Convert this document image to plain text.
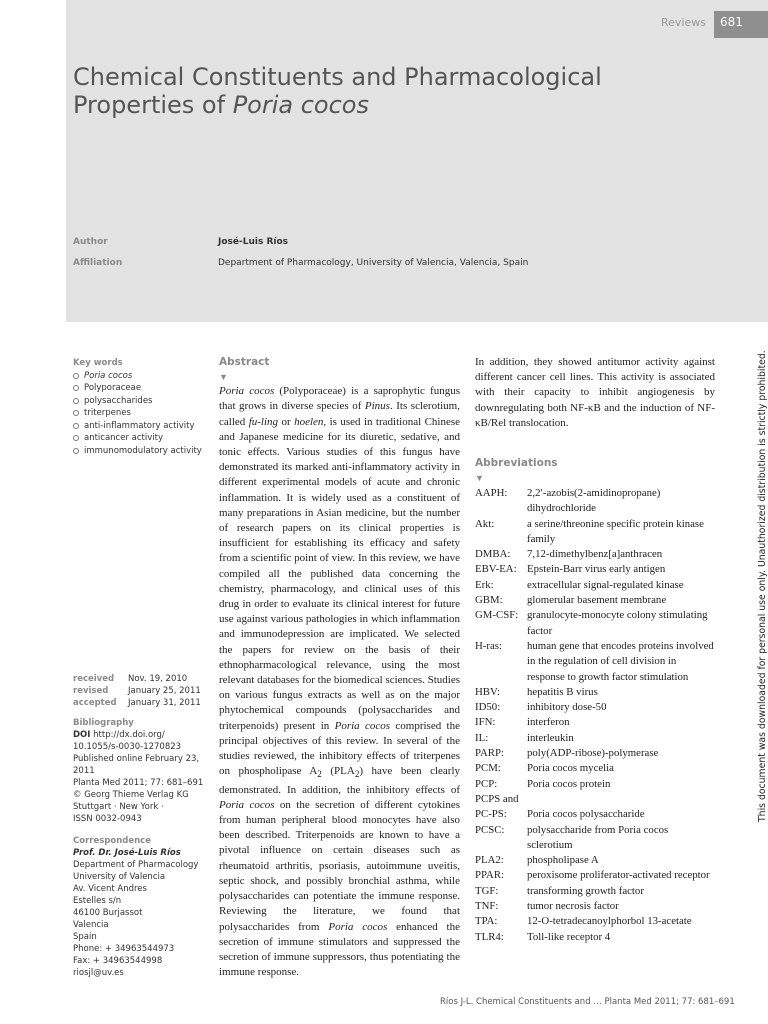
Reviews 681
Chemical Constituents and Pharmacological Properties of Poria cocos
Author	José-Luis Ríos
Affiliation	Department of Pharmacology, University of Valencia, Valencia, Spain
Key words
Poria cocos
Polyporaceae
polysaccharides
triterpenes
anti-inflammatory activity
anticancer activity
immunomodulatory activity
received	Nov. 19, 2010
revised	January 25, 2011
accepted	January 31, 2011
Bibliography
DOI http://dx.doi.org/
10.1055/s-0030-1270823
Published online February 23,
2011
Planta Med 2011; 77: 681–691
© Georg Thieme Verlag KG
Stuttgart · New York ·
ISSN 0032-0943
Correspondence
Prof. Dr. José-Luis Ríos
Department of Pharmacology
University of Valencia
Av. Vicent Andres
Estelles s/n
46100 Burjassot
Valencia
Spain
Phone: + 34963544973
Fax: + 34963544998
riosjl@uv.es
Abstract
▼

Poria cocos (Polyporaceae) is a saprophytic fungus that grows in diverse species of Pinus. Its sclerotium, called fu-ling or hoelen, is used in traditional Chinese and Japanese medicine for its diuretic, sedative, and tonic effects. Various studies of this fungus have demonstrated its marked anti-inflammatory activity in different experimental models of acute and chronic inflammation. It is widely used as a constituent of many preparations in Asian medicine, but the number of research papers on its clinical properties is insufficient for establishing its efficacy and safety from a scientific point of view. In this review, we have compiled all the published data concerning the chemistry, pharmacology, and clinical uses of this drug in order to evaluate its clinical interest for future use against various pathologies in which inflammation and immunodepression are implicated. We selected the papers for review on the basis of their ethnopharmacological relevance, using the most relevant databases for the biomedical sciences. Studies on various fungus extracts as well as on the major phytochemical compounds (polysaccharides and triterpenoids) present in Poria cocos comprised the principal objectives of this review. In several of the studies reviewed, the inhibitory effects of triterpenes on phospholipase $A_2$ $(PLA_2)$ have been clearly demonstrated. In addition, the inhibitory effects of Poria cocos on the secretion of different cytokines from human peripheral blood monocytes have also been described. Triterpenoids are known to have a pivotal influence on certain diseases such as rheumatoid arthritis, psoriasis, autoimmune uveitis, septic shock, and possibly bronchial asthma, while polysaccharides can potentiate the immune response. Reviewing the literature, we found that polysaccharides from Poria cocos enhanced the secretion of immune stimulators and suppressed the secretion of immune suppressors, thus potentiating the immune response.

In addition, they showed antitumor activity against different cancer cell lines. This activity is associated with their capacity to inhibit angiogenesis by downregulating both NF-κB and the induction of NF-κB/Rel translocation.

Abbreviations
▼
AAPH:	2,2′-azobis(2-amidinopropane) dihydrochloride
Akt:	a serine/threonine specific protein kinase family
DMBA:	7,12-dimethylbenz[a]anthracen
EBV-EA: Epstein-Barr virus early antigen
Erk:	extracellular signal-regulated kinase
GBM:	glomerular basement membrane
GM-CSF: granulocyte-monocyte colony stimulating factor
H-ras:	human gene that encodes proteins involved in the regulation of cell division in response to growth factor stimulation
HBV:	hepatitis B virus
ID50:	inhibitory dose-50
IFN:	interferon
IL:	interleukin
PARP:	poly(ADP-ribose)-polymerase
PCM:	Poria cocos mycelia
PCP:	Poria cocos protein
PCPS and
PC-PS:	Poria cocos polysaccharide
PCSC:	polysaccharide from Poria cocos sclerotium
PLA2:	phospholipase A
PPAR:	peroxisome proliferator-activated receptor
TGF:	transforming growth factor
TNF:	tumor necrosis factor
TPA:	12-O-tetradecanoylphorbol 13-acetate
TLR4:	Toll-like receptor 4
This document was downloaded for personal use only. Unauthorized distribution is strictly prohibited.
Ríos J-L. Chemical Constituents and … Planta Med 2011; 77: 681–691
